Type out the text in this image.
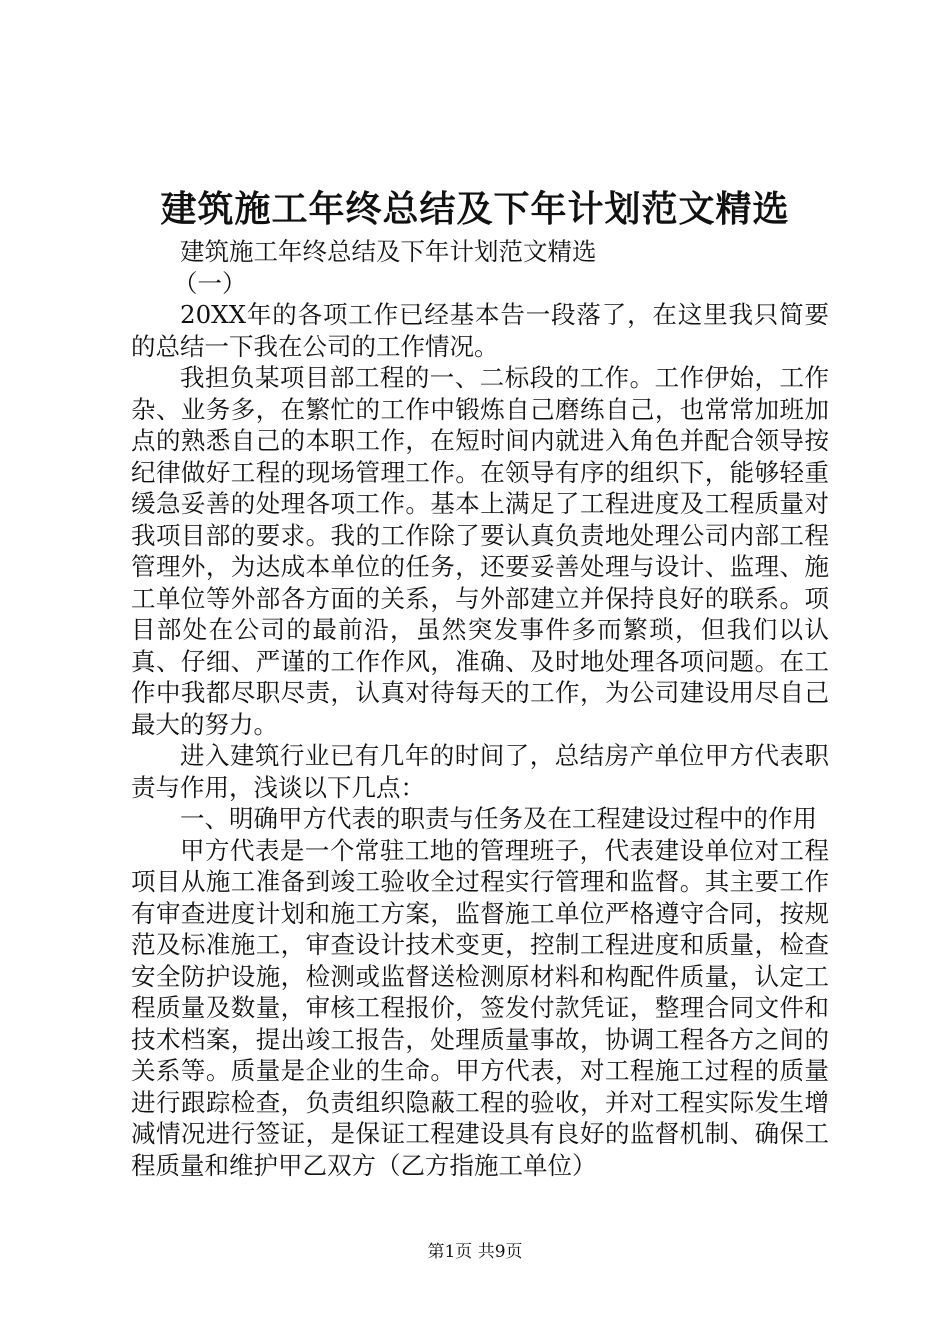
建筑施工年终总结及下年计划范文精选

建筑施工年终总结及下年计划范文精选

（一）

20XX年的各项工作已经基本告一段落了，在这里我只简要的总结一下我在公司的工作情况。

我担负某项目部工程的一、二标段的工作。工作伊始，工作杂、业务多，在繁忙的工作中锻炼自己磨练自己，也常常加班加点的熟悉自己的本职工作，在短时间内就进入角色并配合领导按纪律做好工程的现场管理工作。在领导有序的组织下，能够轻重缓急妥善的处理各项工作。基本上满足了工程进度及工程质量对我项目部的要求。我的工作除了要认真负责地处理公司内部工程管理外，为达成本单位的任务，还要妥善处理与设计、监理、施工单位等外部各方面的关系，与外部建立并保持良好的联系。项目部处在公司的最前沿，虽然突发事件多而繁琐，但我们以认真、仔细、严谨的工作作风，准确、及时地处理各项问题。在工作中我都尽职尽责，认真对待每天的工作，为公司建设用尽自己最大的努力。

进入建筑行业已有几年的时间了，总结房产单位甲方代表职责与作用，浅谈以下几点：

一、明确甲方代表的职责与任务及在工程建设过程中的作用

甲方代表是一个常驻工地的管理班子，代表建设单位对工程项目从施工准备到竣工验收全过程实行管理和监督。其主要工作有审查进度计划和施工方案，监督施工单位严格遵守合同，按规范及标准施工，审查设计技术变更，控制工程进度和质量，检查安全防护设施，检测或监督送检测原材料和构配件质量，认定工程质量及数量，审核工程报价，签发付款凭证，整理合同文件和技术档案，提出竣工报告，处理质量事故，协调工程各方之间的关系等。质量是企业的生命。甲方代表，对工程施工过程的质量进行跟踪检查，负责组织隐蔽工程的验收，并对工程实际发生增减情况进行签证，是保证工程建设具有良好的监督机制、确保工程质量和维护甲乙双方（乙方指施工单位）

第1页 共9页
